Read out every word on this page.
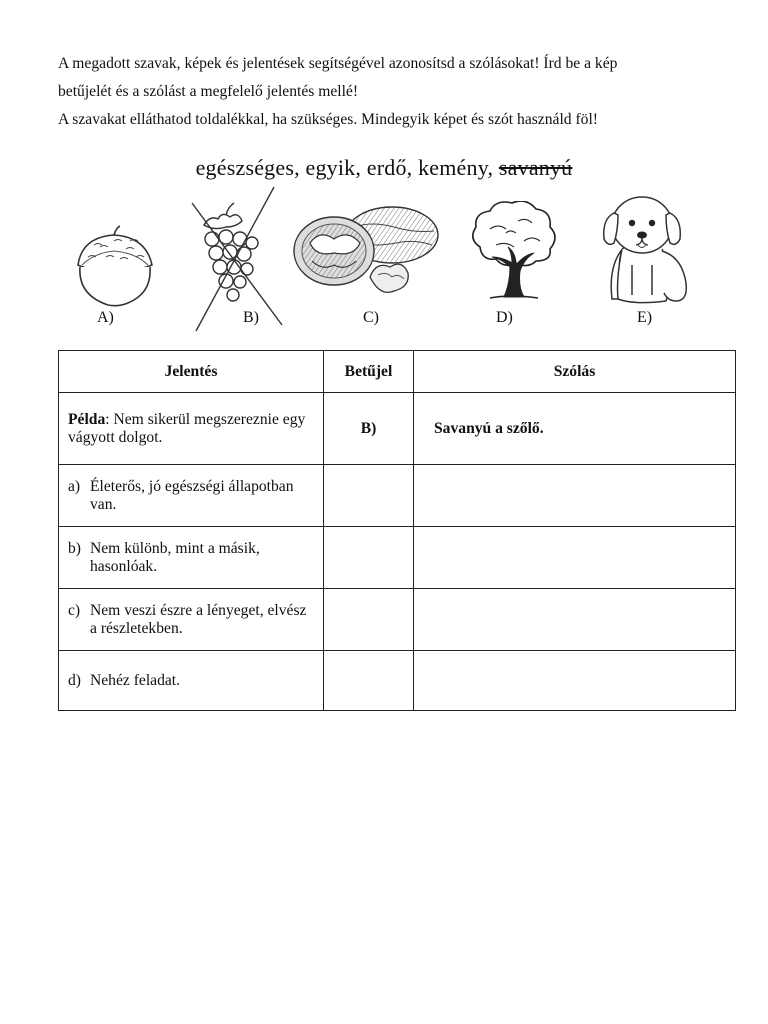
A megadott szavak, képek és jelentések segítségével azonosítsd a szólásokat! Írd be a kép

betűjelét és a szólást a megfelelő jelentés mellé!

A szavakat elláthatod toldalékkal, ha szükséges. Mindegyik képet és szót használd föl!

egészséges, egyik, erdő, kemény, savanyú
A)	B)	C)	D)	E)
Jelentés	Betűjel	Szólás
Példa: Nem sikerül megszereznie egy vágyott dolgot.	B)	Savanyú a szőlő.

a) Életerős, jó egészségi állapotban van.		

b) Nem különb, mint a másik, hasonlóak.		

c) Nem veszi észre a lényeget, elvész a részletekben.		

d) Nehéz feladat.		
